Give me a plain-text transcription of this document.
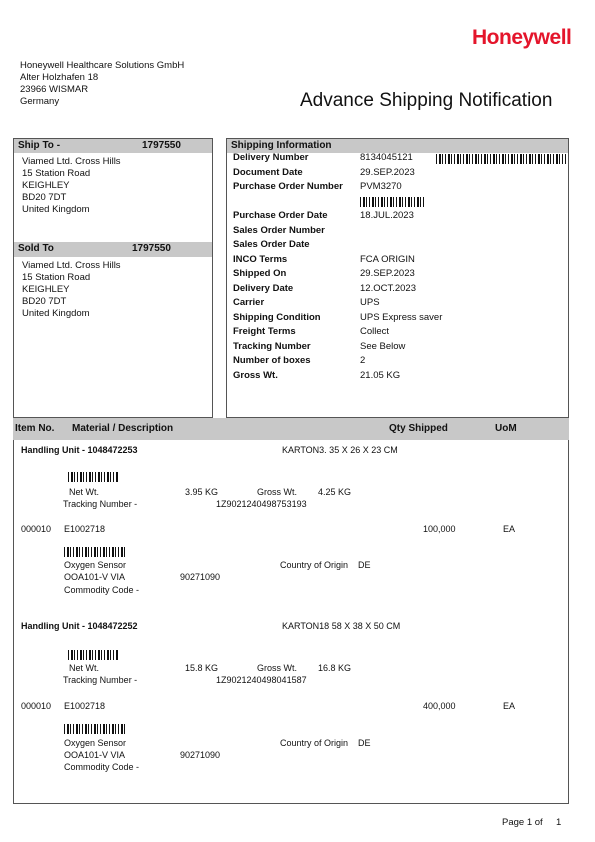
Honeywell
Honeywell Healthcare Solutions GmbH
Alter Holzhafen 18
23966 WISMAR
Germany	Advance Shipping Notification
Ship To -	1797550
Viamed Ltd. Cross Hills
15 Station Road
KEIGHLEY
BD20 7DT
United Kingdom
Sold To	1797550
Viamed Ltd. Cross Hills
15 Station Road
KEIGHLEY
BD20 7DT
United Kingdom
Shipping Information
Delivery Number	8134045121
Document Date	29.SEP.2023
Purchase Order Number PVM3270
Purchase Order Date	18.JUL.2023
Sales Order Number
Sales Order Date
INCO Terms	FCA ORIGIN
Shipped On	29.SEP.2023
Delivery Date	12.OCT.2023
Carrier	UPS
Shipping Condition	UPS Express saver
Freight Terms	Collect
Tracking Number	See Below
Number of boxes	2
Gross Wt.	21.05 KG
Item No. Material / Description	Qty Shipped	UoM
Handling Unit - 1048472253	KARTON3. 35 X 26 X 23 CM
Net Wt.	3.95 KG	Gross Wt. 4.25 KG
Tracking Number -	1Z9021240498753193
000010 E1002718	100,000	EA
Oxygen Sensor	Country of Origin DE
OOA101-V VIA	90271090
Commodity Code -
Handling Unit - 1048472252	KARTON18 58 X 38 X 50 CM
Net Wt.	15.8 KG	Gross Wt. 16.8 KG
Tracking Number -	1Z9021240498041587
000010 E1002718	400,000	EA
Oxygen Sensor	Country of Origin DE
OOA101-V VIA	90271090
Commodity Code -
Page 1 of 1
